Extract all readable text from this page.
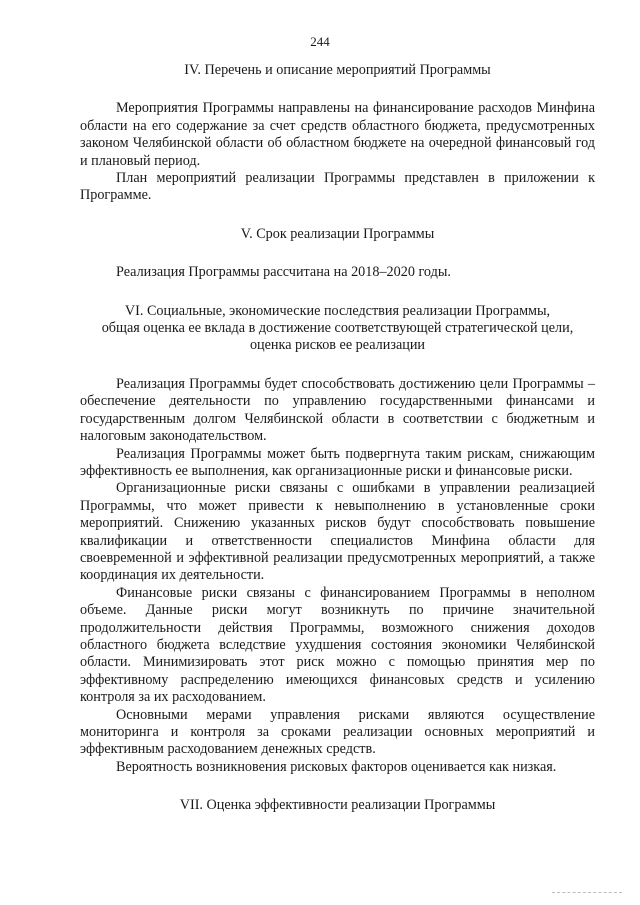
244

IV. Перечень и описание мероприятий Программы

Мероприятия Программы направлены на финансирование расходов Минфина области на его содержание за счет средств областного бюджета, предусмотренных законом Челябинской области об областном бюджете на очередной финансовый год и плановый период.

План мероприятий реализации Программы представлен в приложении к Программе.

V. Срок реализации Программы

Реализация Программы рассчитана на 2018–2020 годы.

VI. Социальные, экономические последствия реализации Программы,

общая оценка ее вклада в достижение соответствующей стратегической цели,

оценка рисков ее реализации

Реализация Программы будет способствовать достижению цели Программы – обеспечение деятельности по управлению государственными финансами и государственным долгом Челябинской области в соответствии с бюджетным и налоговым законодательством.

Реализация Программы может быть подвергнута таким рискам, снижающим эффективность ее выполнения, как организационные риски и финансовые риски.

Организационные риски связаны с ошибками в управлении реализацией Программы, что может привести к невыполнению в установленные сроки мероприятий. Снижению указанных рисков будут способствовать повышение квалификации и ответственности специалистов Минфина области для своевременной и эффективной реализации предусмотренных мероприятий, а также координация их деятельности.

Финансовые риски связаны с финансированием Программы в неполном объеме. Данные риски могут возникнуть по причине значительной продолжительности действия Программы, возможного снижения доходов областного бюджета вследствие ухудшения состояния экономики Челябинской области. Минимизировать этот риск можно с помощью принятия мер по эффективному распределению имеющихся финансовых средств и усилению контроля за их расходованием.

Основными мерами управления рисками являются осуществление мониторинга и контроля за сроками реализации основных мероприятий и эффективным расходованием денежных средств.

Вероятность возникновения рисковых факторов оценивается как низкая.

VII. Оценка эффективности реализации Программы
